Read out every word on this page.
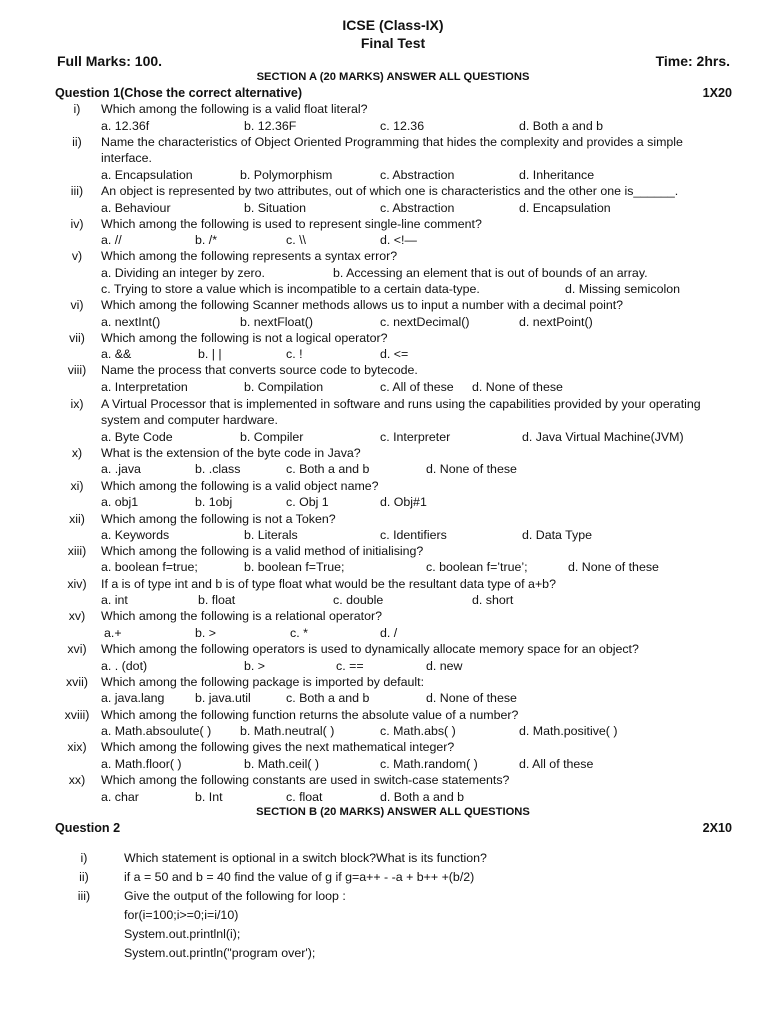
ICSE (Class-IX)
Final Test
Full Marks: 100.	Time: 2hrs.
SECTION A (20 MARKS) ANSWER ALL QUESTIONS
Question 1(Chose the correct alternative)	1X20
i)	Which among the following is a valid float literal?
a. 12.36f	b. 12.36F	c. 12.36	d. Both a and b
ii)	Name the characteristics of Object Oriented Programming that hides the complexity and provides a simple interface.
a. Encapsulation	b. Polymorphism	c. Abstraction	d. Inheritance
iii)	An object is represented by two attributes, out of which one is characteristics and the other one is______.
a. Behaviour	b. Situation	c. Abstraction	d. Encapsulation
iv)	Which among the following is used to represent single-line comment?
a. //	b. /*	c. \\	d. <!—
v)	Which among the following represents a syntax error?
a. Dividing an integer by zero.	b. Accessing an element that is out of bounds of an array.
c. Trying to store a value which is incompatible to a certain data-type.	d. Missing semicolon
vi)	Which among the following Scanner methods allows us to input a number with a decimal point?
a. nextInt()	b. nextFloat()	c. nextDecimal()	d. nextPoint()
vii)	Which among the following is not a logical operator?
a. &&	b. | |	c. !	d. <=
viii)	Name the process that converts source code to bytecode.
a. Interpretation	b. Compilation	c. All of these d. None of these
ix)	A Virtual Processor that is implemented in software and runs using the capabilities provided by your operating system and computer hardware.
a. Byte Code	b. Compiler	c. Interpreter	d. Java Virtual Machine(JVM)
x)	What is the extension of the byte code in Java?
a. .java	b. .class	c. Both a and b	d. None of these
xi)	Which among the following is a valid object name?
a. obj1	b. 1obj	c. Obj 1	d. Obj#1
xii)	Which among the following is not a Token?
a. Keywords	b. Literals	c. Identifiers	d. Data Type
xiii)	Which among the following is a valid method of initialising?
a. boolean f=true;	b. boolean f=True;	c. boolean f=’true’;	d. None of these
xiv)	If a is of type int and b is of type float what would be the resultant data type of a+b?
a. int	b. float	c. double	d. short
xv)	Which among the following is a relational operator?
a.+	b. >	c. *	d. /
xvi)	Which among the following operators is used to dynamically allocate memory space for an object?
a. . (dot)	b. >	c. ==	d. new
xvii)	Which among the following package is imported by default:
a. java.lang b. java.util	c. Both a and b	d. None of these
xviii) Which among the following function returns the absolute value of a number?
a. Math.absoulute( ) b. Math.neutral( )	c. Math.abs( )	d. Math.positive( )
xix)	Which among the following gives the next mathematical integer?
a. Math.floor( )	b. Math.ceil( )	c. Math.random( )	d. All of these
xx)	Which among the following constants are used in switch-case statements?
a. char	b. Int	c. float	d. Both a and b
SECTION B (20 MARKS) ANSWER ALL QUESTIONS
Question 2	2X10
i)	Which statement is optional in a switch block?What is its function?
ii)	if a = 50 and b = 40 find the value of g if g=a++ - -a + b++ +(b/2)
iii)	Give the output of the following for loop :
for(i=100;i>=0;i=i/10)
System.out.printlnl(i);
System.out.println("program over');
